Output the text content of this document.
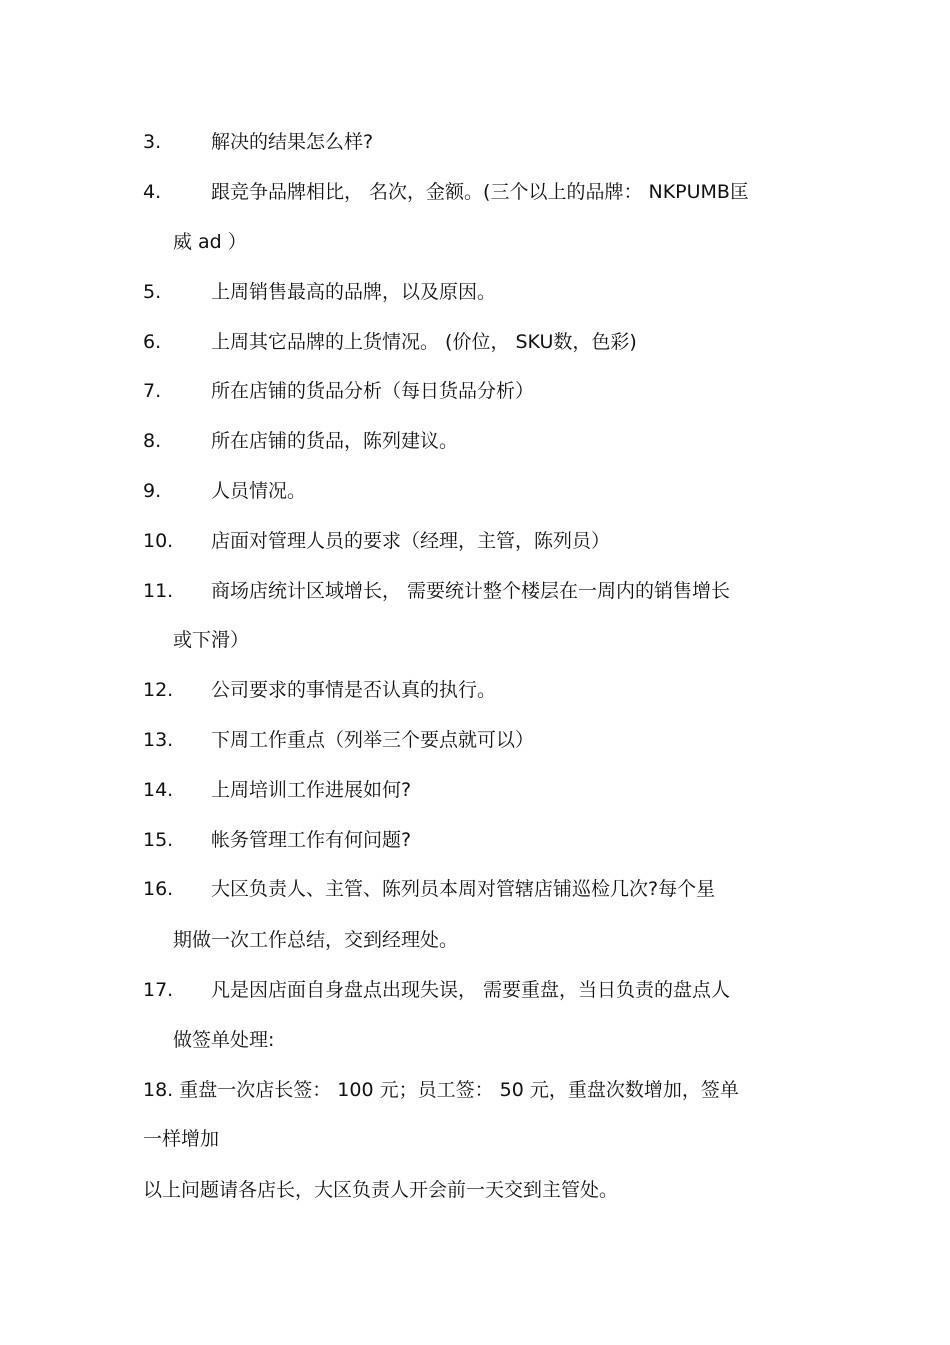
3.	解决的结果怎么样?
4.	跟竞争品牌相比， 名次，金额。(三个以上的品牌： NKPUMB匡
威 ad ）
5.	上周销售最高的品牌，以及原因。
6.	上周其它品牌的上货情况。 (价位， SKU数，色彩)
7.	所在店铺的货品分析（每日货品分析）
8.	所在店铺的货品，陈列建议。
9.	人员情况。
10. 店面对管理人员的要求（经理，主管，陈列员）
11. 商场店统计区域增长， 需要统计整个楼层在一周内的销售增长
或下滑）
12. 公司要求的事情是否认真的执行。
13. 下周工作重点（列举三个要点就可以）
14. 上周培训工作进展如何?
15. 帐务管理工作有何问题?
16. 大区负责人、主管、陈列员本周对管辖店铺巡检几次?每个星
期做一次工作总结，交到经理处。
17. 凡是因店面自身盘点出现失误， 需要重盘，当日负责的盘点人
做签单处理:
18. 重盘一次店长签： 100 元；员工签： 50 元，重盘次数增加，签单
一样增加
以上问题请各店长，大区负责人开会前一天交到主管处。
